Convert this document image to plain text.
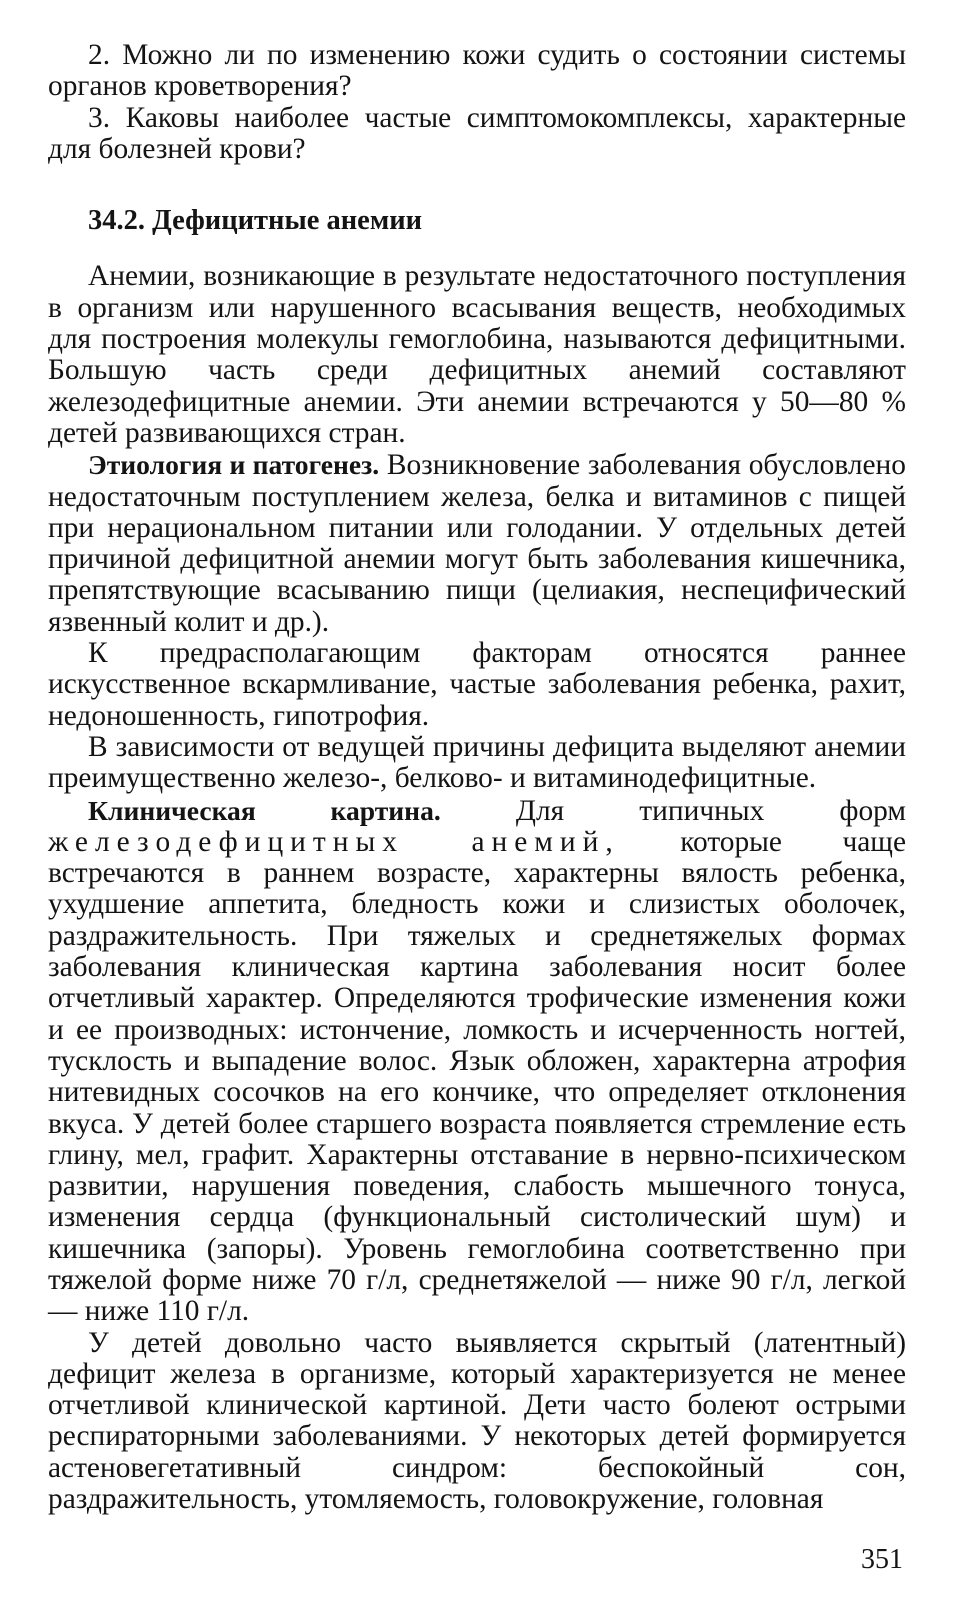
2. Можно ли по изменению кожи судить о состоянии системы органов кроветворения?

3. Каковы наиболее частые симптомокомплексы, характерные для болезней крови?

34.2. Дефицитные анемии

Анемии, возникающие в результате недостаточного поступления в организм или нарушенного всасывания веществ, необходимых для построения молекулы гемоглобина, называются дефицитными. Большую часть среди дефицитных анемий составляют железодефицитные анемии. Эти анемии встречаются у 50—80 % детей развивающихся стран.

Этиология и патогенез. Возникновение заболевания обусловлено недостаточным поступлением железа, белка и витаминов с пищей при нерациональном питании или голодании. У отдельных детей причиной дефицитной анемии могут быть заболевания кишечника, препятствующие всасыванию пищи (целиакия, неспецифический язвенный колит и др.).

К предрасполагающим факторам относятся раннее искусственное вскармливание, частые заболевания ребенка, рахит, недоношенность, гипотрофия.

В зависимости от ведущей причины дефицита выделяют анемии преимущественно железо-, белково- и витаминодефицитные.

Клиническая картина.	Для типичных форм железодефицитных анемий, которые чаще встречаются в раннем возрасте, характерны вялость ребенка, ухудшение аппетита, бледность кожи и слизистых оболочек, раздражительность. При тяжелых и среднетяжелых формах заболевания клиническая картина заболевания носит более отчетливый характер. Определяются трофические изменения кожи и ее производных: истончение, ломкость и исчерченность ногтей, тусклость и выпадение волос. Язык обложен, характерна атрофия нитевидных сосочков на его кончике, что определяет отклонения вкуса. У детей более старшего возраста появляется стремление есть глину, мел, графит. Характерны отставание в нервно-психическом развитии, нарушения поведения, слабость мышечного тонуса, изменения сердца (функциональный систолический шум) и кишечника (запоры). Уровень гемоглобина соответственно при тяжелой форме ниже 70 г/л, среднетяжелой — ниже 90 г/л, легкой — ниже 110 г/л.

У детей довольно часто выявляется скрытый (латентный) дефицит железа в организме, который характеризуется не менее отчетливой клинической картиной. Дети часто болеют острыми респираторными заболеваниями. У некоторых детей формируется астеновегетативный синдром: беспокойный сон, раздражительность, утомляемость, головокружение, головная

351
